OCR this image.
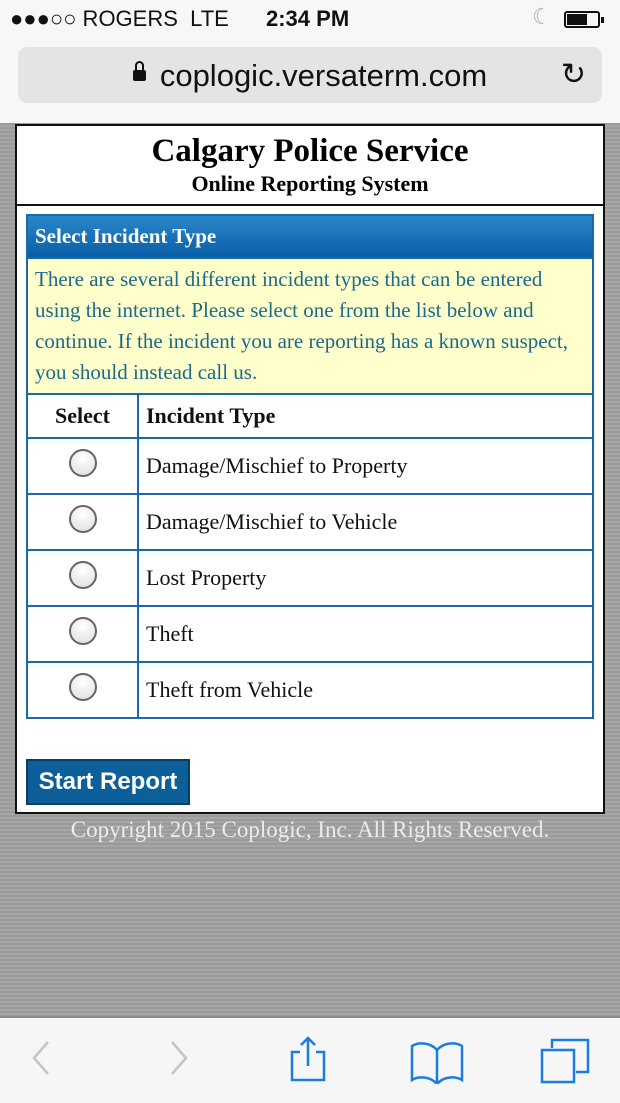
●●●○○ ROGERS LTE 2:34 PM	☾
coplogic.versaterm.com	↻
Calgary Police Service
Online Reporting System
Select Incident Type
There are several different incident types that can be entered using the internet. Please select one from the list below and continue. If the incident you are reporting has a known suspect, you should instead call us.
Select	Incident Type
	Damage/Mischief to Property
	Damage/Mischief to Vehicle
	Lost Property
	Theft
	Theft from Vehicle
Start Report
Copyright 2015 Coplogic, Inc. All Rights Reserved.
